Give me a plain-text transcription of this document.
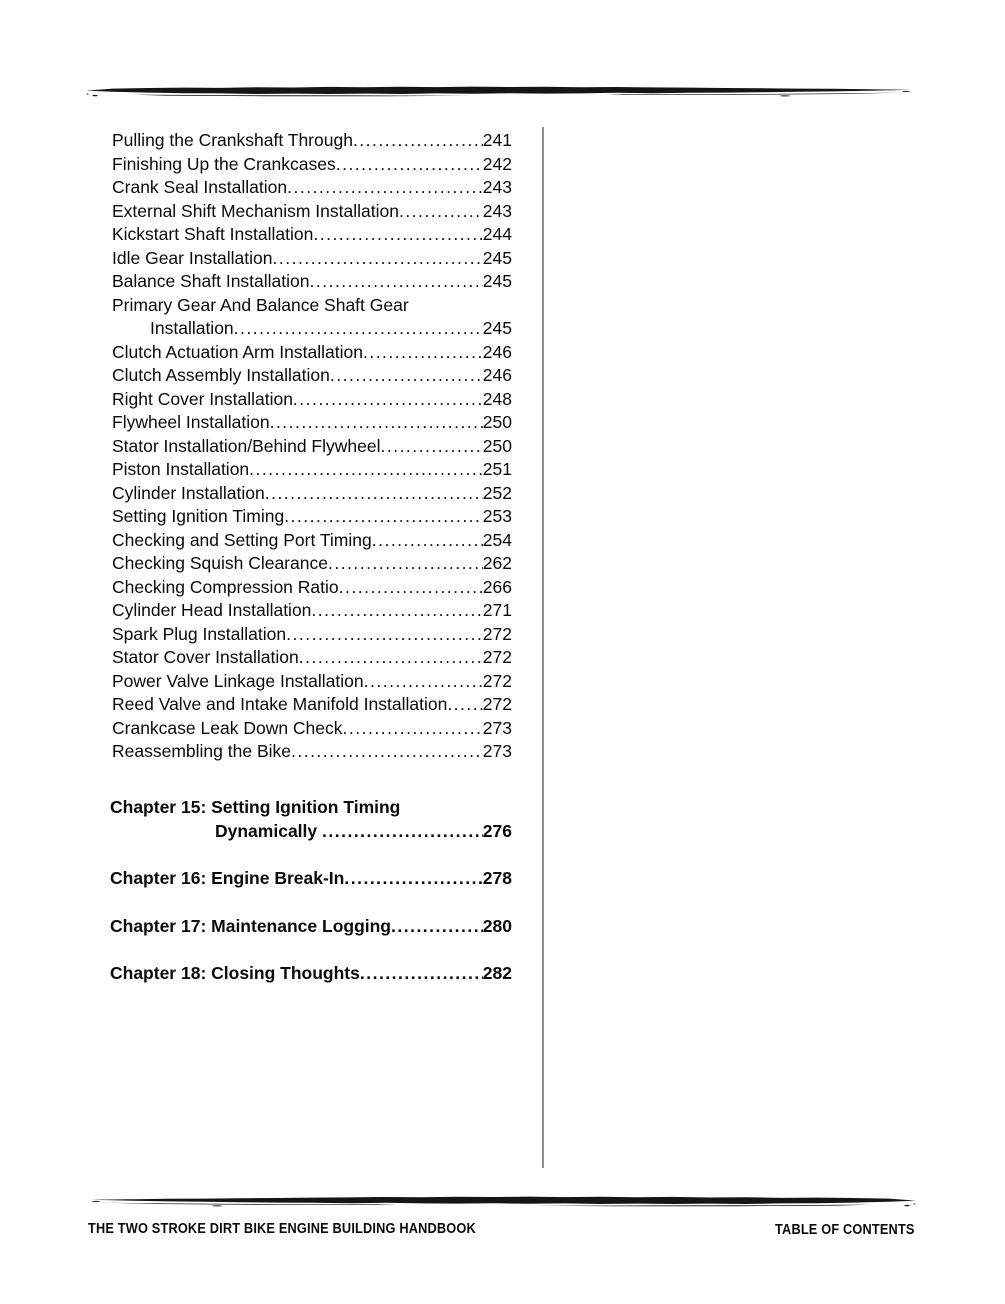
Pulling the Crankshaft Through .....	241
Finishing Up the Crankcases .....	242
Crank Seal Installation .....	243
External Shift Mechanism Installation .....	243
Kickstart Shaft Installation .....	244
Idle Gear Installation .....	245
Balance Shaft Installation .....	245
Primary Gear And Balance Shaft Gear
Installation .....	245
Clutch Actuation Arm Installation .....	246
Clutch Assembly Installation .....	246
Right Cover Installation .....	248
Flywheel Installation .....	250
Stator Installation/Behind Flywheel .....	250
Piston Installation .....	251
Cylinder Installation .....	252
Setting Ignition Timing .....	253
Checking and Setting Port Timing .....	254
Checking Squish Clearance .....	262
Checking Compression Ratio .....	266
Cylinder Head Installation .....	271
Spark Plug Installation .....	272
Stator Cover Installation .....	272
Power Valve Linkage Installation .....	272
Reed Valve and Intake Manifold Installation ..... 272
Crankcase Leak Down Check .....	273
Reassembling the Bike .....	273
Chapter 15: Setting Ignition Timing
Dynamically .....	276
Chapter 16: Engine Break-In .....	278
Chapter 17: Maintenance Logging .....	280
Chapter 18: Closing Thoughts .....	282
THE TWO STROKE DIRT BIKE ENGINE BUILDING HANDBOOK	TABLE OF CONTENTS
